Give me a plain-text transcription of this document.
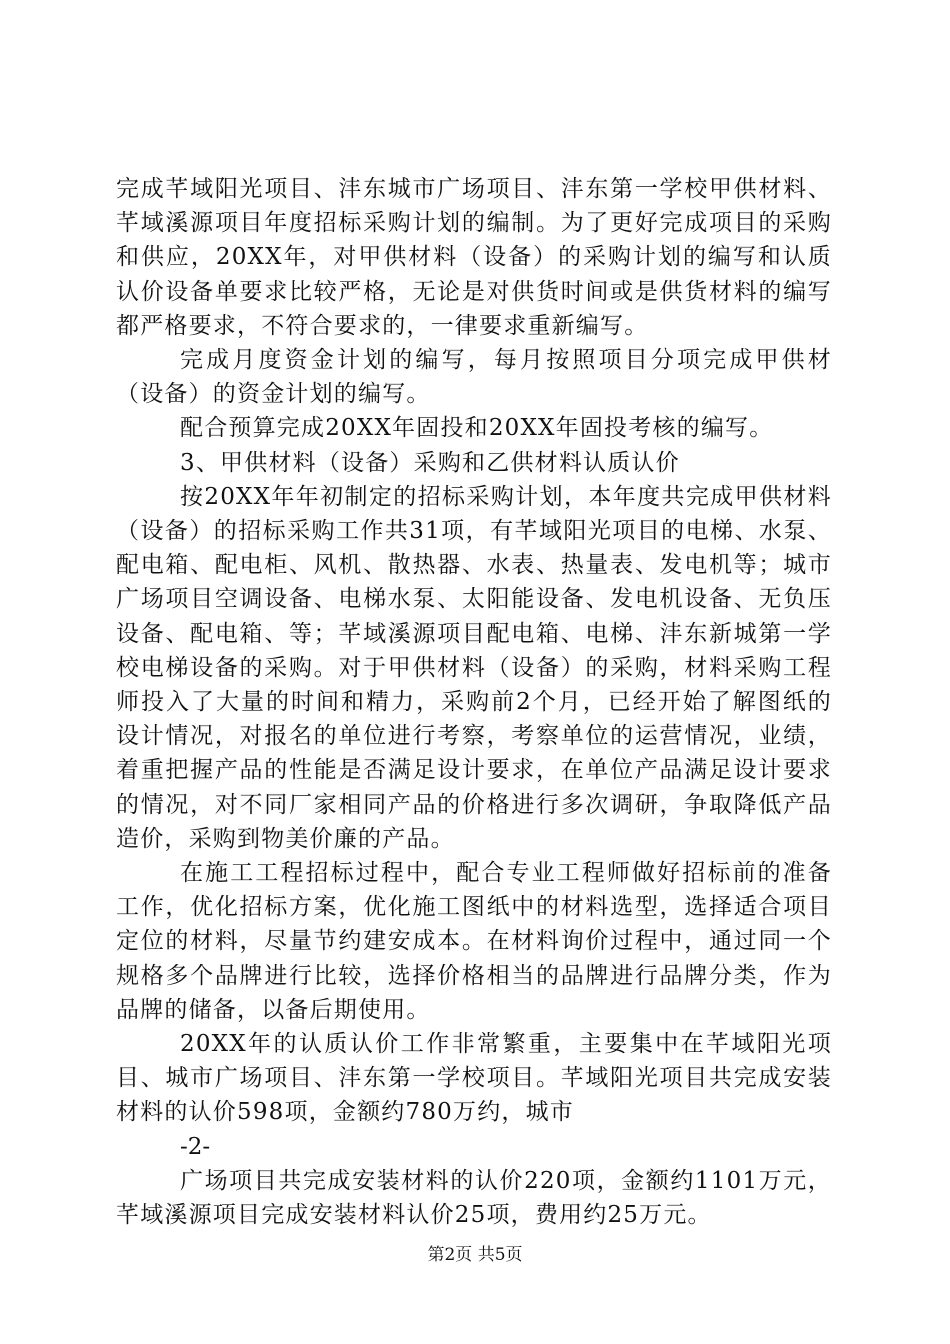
完成芊域阳光项目、沣东城市广场项目、沣东第一学校甲供材料、芊域溪源项目年度招标采购计划的编制。为了更好完成项目的采购和供应，20XX年，对甲供材料（设备）的采购计划的编写和认质认价设备单要求比较严格，无论是对供货时间或是供货材料的编写都严格要求，不符合要求的，一律要求重新编写。

完成月度资金计划的编写，每月按照项目分项完成甲供材（设备）的资金计划的编写。

配合预算完成20XX年固投和20XX年固投考核的编写。

3、甲供材料（设备）采购和乙供材料认质认价

按20XX年年初制定的招标采购计划，本年度共完成甲供材料（设备）的招标采购工作共31项，有芊域阳光项目的电梯、水泵、配电箱、配电柜、风机、散热器、水表、热量表、发电机等；城市广场项目空调设备、电梯水泵、太阳能设备、发电机设备、无负压设备、配电箱、等；芊域溪源项目配电箱、电梯、沣东新城第一学校电梯设备的采购。对于甲供材料（设备）的采购，材料采购工程师投入了大量的时间和精力，采购前2个月，已经开始了解图纸的设计情况，对报名的单位进行考察，考察单位的运营情况，业绩，着重把握产品的性能是否满足设计要求，在单位产品满足设计要求的情况，对不同厂家相同产品的价格进行多次调研，争取降低产品造价，采购到物美价廉的产品。

在施工工程招标过程中，配合专业工程师做好招标前的准备工作，优化招标方案，优化施工图纸中的材料选型，选择适合项目定位的材料，尽量节约建安成本。在材料询价过程中，通过同一个规格多个品牌进行比较，选择价格相当的品牌进行品牌分类，作为品牌的储备，以备后期使用。

20XX年的认质认价工作非常繁重，主要集中在芊域阳光项目、城市广场项目、沣东第一学校项目。芊域阳光项目共完成安装材料的认价598项，金额约780万约，城市

-2-

广场项目共完成安装材料的认价220项，金额约1101万元，芊域溪源项目完成安装材料认价25项，费用约25万元。

第2页 共5页
